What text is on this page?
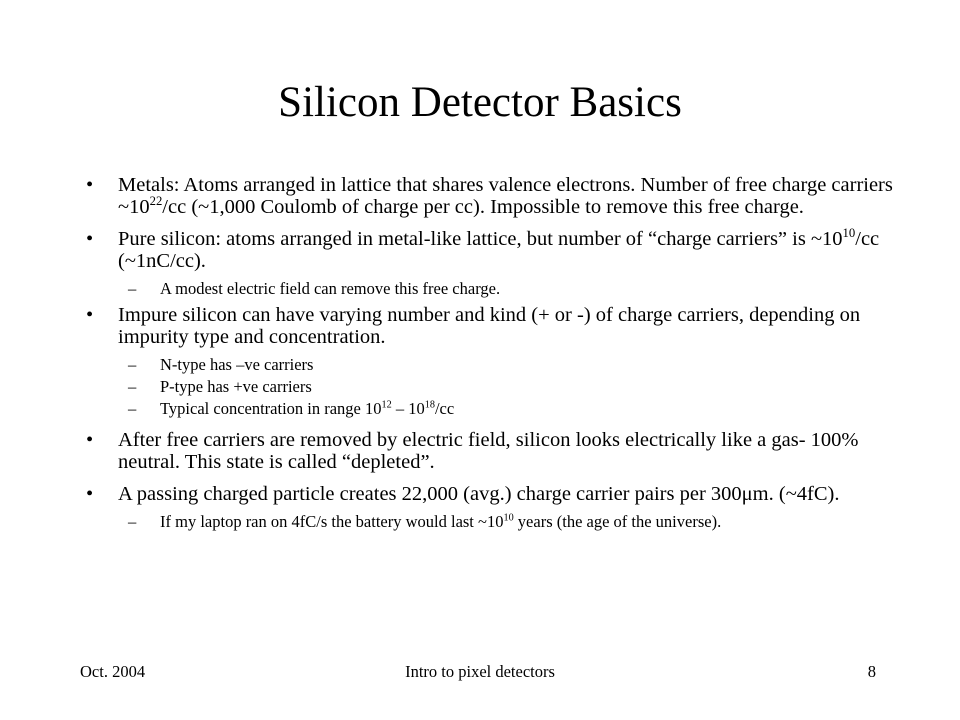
Silicon Detector Basics
• Metals: Atoms arranged in lattice that shares valence electrons. Number of free charge carriers $\sim 10^{22}/cc$ (~1,000 Coulomb of charge per cc). Impossible to remove this free charge.
• Pure silicon: atoms arranged in metal-like lattice, but number of “charge carriers” is $\sim 10^{10}/cc$ (~1nC/cc).
– A modest electric field can remove this free charge.
• Impure silicon can have varying number and kind (+ or -) of charge carriers, depending on impurity type and concentration.
– N-type has –ve carriers
– P-type has +ve carriers
– Typical concentration in range $10^{12} - 10^{18}/cc$
• After free carriers are removed by electric field, silicon looks electrically like a gas- 100% neutral. This state is called “depleted”.
• A passing charged particle creates 22,000 (avg.) charge carrier pairs per 300μm. (~4fC).
– If my laptop ran on 4fC/s the battery would last $\sim 10^{10}$ years (the age of the universe).
Oct. 2004	Intro to pixel detectors	8
